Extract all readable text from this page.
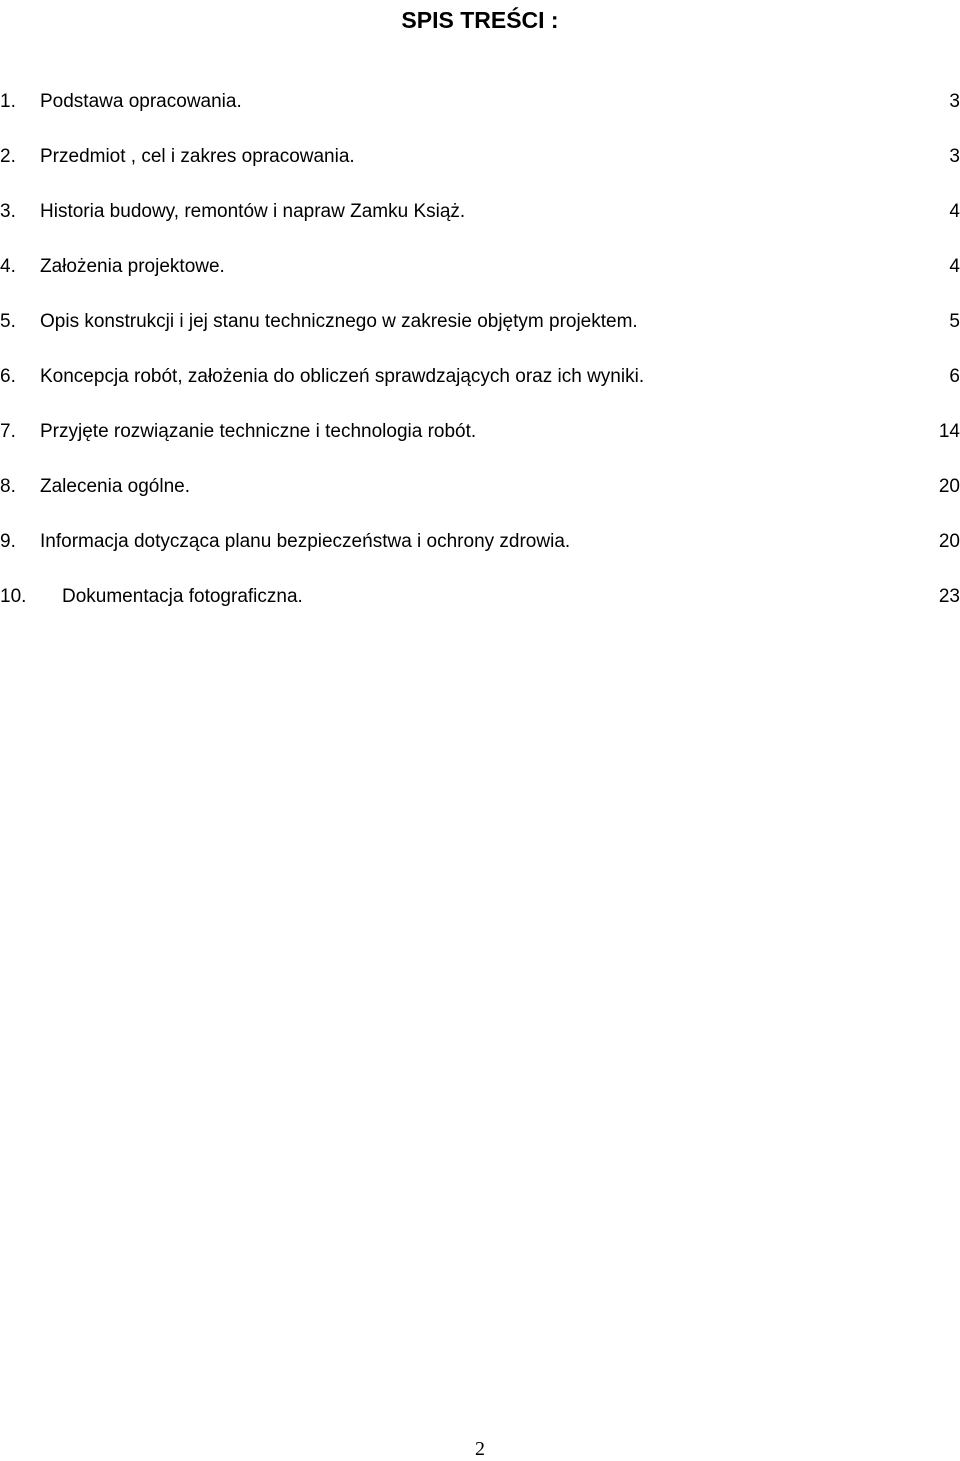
SPIS TREŚCI :
1.	Podstawa opracowania.	3
2.	Przedmiot , cel i zakres opracowania.	3
3.	Historia budowy, remontów i napraw Zamku Książ.	4
4.	Założenia projektowe.	4
5.	Opis konstrukcji i jej stanu technicznego w zakresie objętym projektem.	5
6.	Koncepcja robót, założenia do obliczeń sprawdzających oraz ich wyniki.	6
7.	Przyjęte rozwiązanie techniczne i technologia robót.	14
8.	Zalecenia ogólne.	20
9.	Informacja dotycząca planu bezpieczeństwa i ochrony zdrowia.	20
10.	Dokumentacja fotograficzna.	23
2
